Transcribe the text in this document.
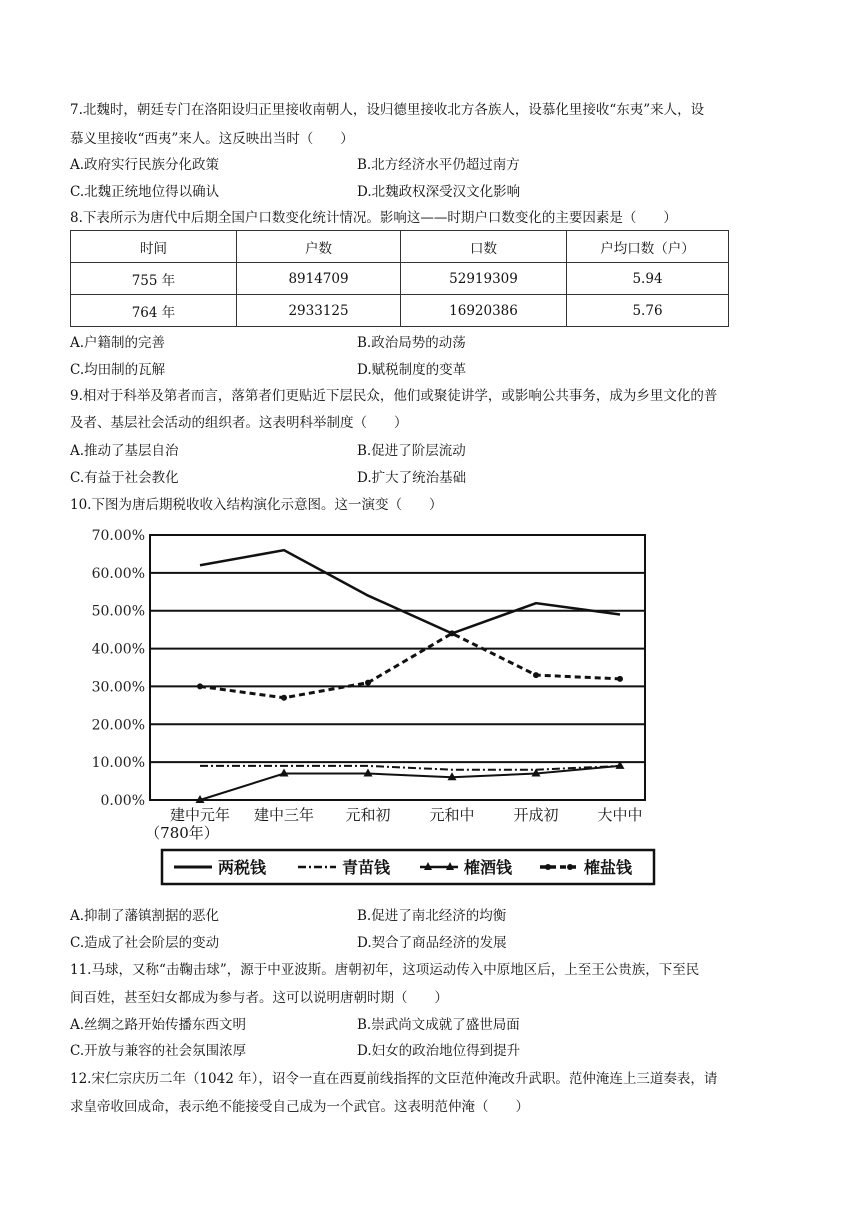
7.北魏时，朝廷专门在洛阳设归正里接收南朝人，设归德里接收北方各族人，设慕化里接收“东夷”来人，设
慕义里接收“西夷”来人。这反映出当时（　　）
A.政府实行民族分化政策	B.北方经济水平仍超过南方
C.北魏正统地位得以确认	D.北魏政权深受汉文化影响
8.下表所示为唐代中后期全国户口数变化统计情况。影响这——时期户口数变化的主要因素是（　　）
时间	户数	口数	户均口数（户）
755 年	8914709	52919309	5.94
764 年	2933125	16920386	5.76
A.户籍制的完善	B.政治局势的动荡
C.均田制的瓦解	D.赋税制度的变革
9.相对于科举及第者而言，落第者们更贴近下层民众，他们或聚徒讲学，或影响公共事务，成为乡里文化的普
及者、基层社会活动的组织者。这表明科举制度（　　）
A.推动了基层自治	B.促进了阶层流动
C.有益于社会教化	D.扩大了统治基础
10.下图为唐后期税收收入结构演化示意图。这一演变（　　）
70.00%
60.00%
50.00%
40.00%
30.00%
20.00%
10.00%
0.00%
建中元年 建中三年 元和初	元和中	开成初	大中中
（780年）
两税钱	青苗钱	榷酒钱	榷盐钱
A.抑制了藩镇割据的恶化	B.促进了南北经济的均衡
C.造成了社会阶层的变动	D.契合了商品经济的发展
11.马球，又称“击鞠击球”，源于中亚波斯。唐朝初年，这项运动传入中原地区后，上至王公贵族，下至民
间百姓，甚至妇女都成为参与者。这可以说明唐朝时期（　　）
A.丝绸之路开始传播东西文明	B.崇武尚文成就了盛世局面
C.开放与兼容的社会氛围浓厚	D.妇女的政治地位得到提升
12.宋仁宗庆历二年（1042 年），诏令一直在西夏前线指挥的文臣范仲淹改升武职。范仲淹连上三道奏表，请
求皇帝收回成命，表示绝不能接受自己成为一个武官。这表明范仲淹（　　）
